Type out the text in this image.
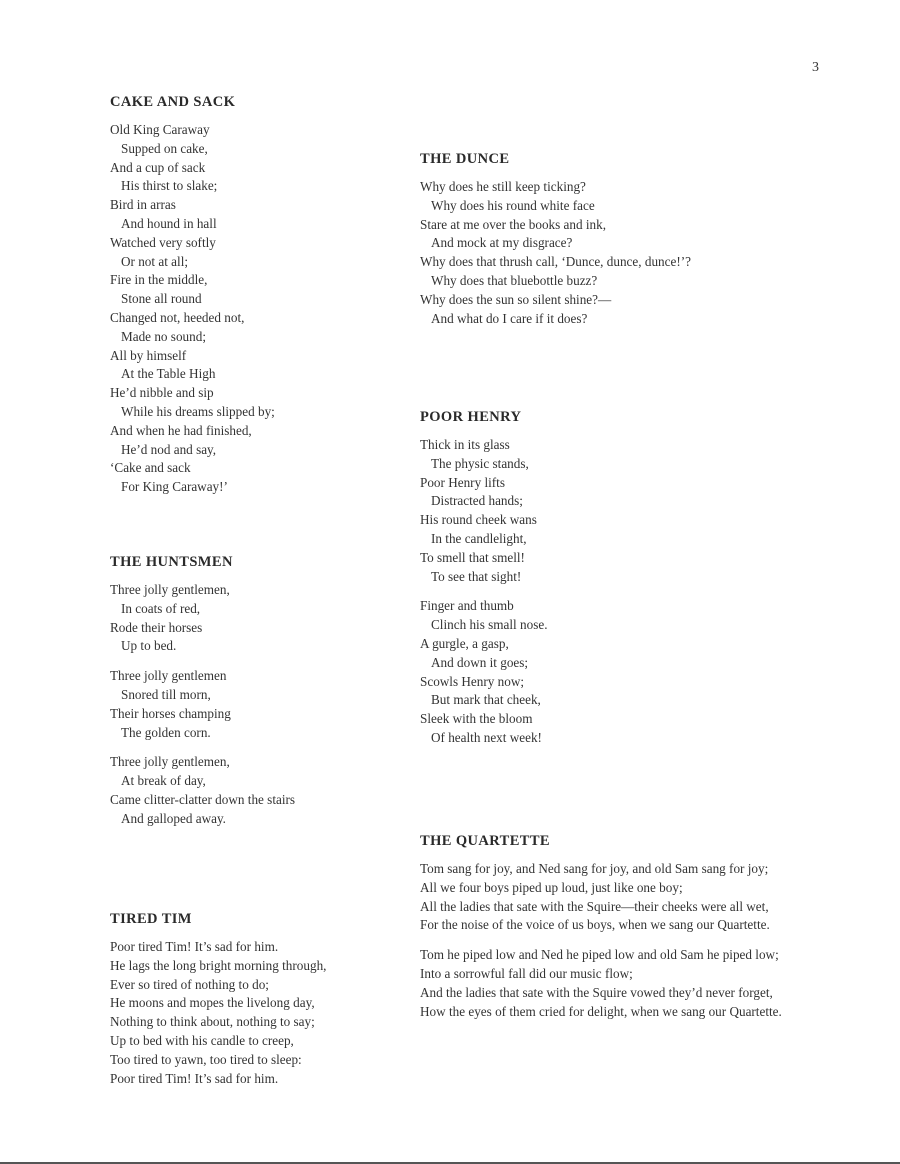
3
CAKE AND SACK
Old King Caraway
Supped on cake,
And a cup of sack
His thirst to slake;
Bird in arras
And hound in hall
Watched very softly
Or not at all;
Fire in the middle,
Stone all round
Changed not, heeded not,
Made no sound;
All by himself
At the Table High
He’d nibble and sip
While his dreams slipped by;
And when he had finished,
He’d nod and say,
‘Cake and sack
For King Caraway!’
THE DUNCE
Why does he still keep ticking?
Why does his round white face
Stare at me over the books and ink,
And mock at my disgrace?
Why does that thrush call, ‘Dunce, dunce, dunce!’?
Why does that bluebottle buzz?
Why does the sun so silent shine?—
And what do I care if it does?
POOR HENRY
Thick in its glass
The physic stands,
Poor Henry lifts
Distracted hands;
His round cheek wans
In the candlelight,
To smell that smell!
To see that sight!
Finger and thumb
Clinch his small nose.
A gurgle, a gasp,
And down it goes;
Scowls Henry now;
But mark that cheek,
Sleek with the bloom
Of health next week!
THE HUNTSMEN
Three jolly gentlemen,
In coats of red,
Rode their horses
Up to bed.
Three jolly gentlemen
Snored till morn,
Their horses champing
The golden corn.
Three jolly gentlemen,
At break of day,
Came clitter-clatter down the stairs
And galloped away.
THE QUARTETTE
Tom sang for joy, and Ned sang for joy, and old Sam sang for joy;
All we four boys piped up loud, just like one boy;
All the ladies that sate with the Squire—their cheeks were all wet,
For the noise of the voice of us boys, when we sang our Quartette.
Tom he piped low and Ned he piped low and old Sam he piped low;
Into a sorrowful fall did our music flow;
And the ladies that sate with the Squire vowed they’d never forget,
How the eyes of them cried for delight, when we sang our Quartette.
TIRED TIM
Poor tired Tim! It’s sad for him.
He lags the long bright morning through,
Ever so tired of nothing to do;
He moons and mopes the livelong day,
Nothing to think about, nothing to say;
Up to bed with his candle to creep,
Too tired to yawn, too tired to sleep:
Poor tired Tim! It’s sad for him.
